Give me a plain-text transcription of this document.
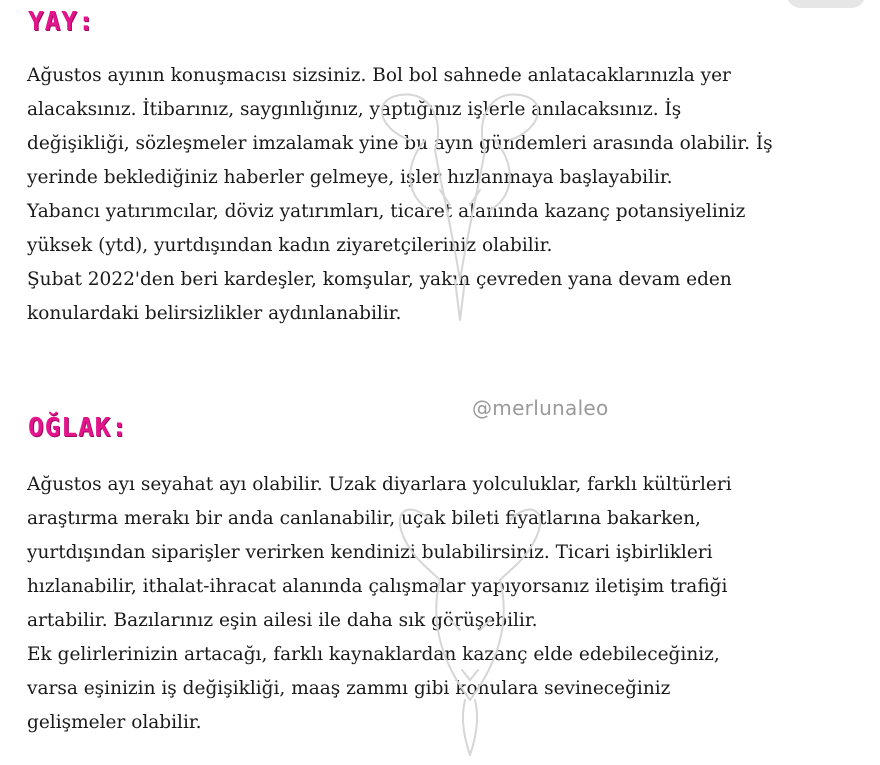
YAY:

Ağustos ayının konuşmacısı sizsiniz. Bol bol sahnede anlatacaklarınızla yer
alacaksınız. İtibarınız, saygınlığınız, yaptığınız işlerle anılacaksınız. İş
değişikliği, sözleşmeler imzalamak yine bu ayın gündemleri arasında olabilir. İş
yerinde beklediğiniz haberler gelmeye, işler hızlanmaya başlayabilir.
Yabancı yatırımcılar, döviz yatırımları, ticaret alanında kazanç potansiyeliniz
yüksek (ytd), yurtdışından kadın ziyaretçileriniz olabilir.
Şubat 2022'den beri kardeşler, komşular, yakın çevreden yana devam eden
konulardaki belirsizlikler aydınlanabilir.

@merlunaleo
OĞLAK:

Ağustos ayı seyahat ayı olabilir. Uzak diyarlara yolculuklar, farklı kültürleri
araştırma merakı bir anda canlanabilir, uçak bileti fiyatlarına bakarken,
yurtdışından siparişler verirken kendinizi bulabilirsiniz. Ticari işbirlikleri
hızlanabilir, ithalat-ihracat alanında çalışmalar yapıyorsanız iletişim trafiği
artabilir. Bazılarınız eşin ailesi ile daha sık görüşebilir.
Ek gelirlerinizin artacağı, farklı kaynaklardan kazanç elde edebileceğiniz,
varsa eşinizin iş değişikliği, maaş zammı gibi konulara sevineceğiniz
gelişmeler olabilir.
